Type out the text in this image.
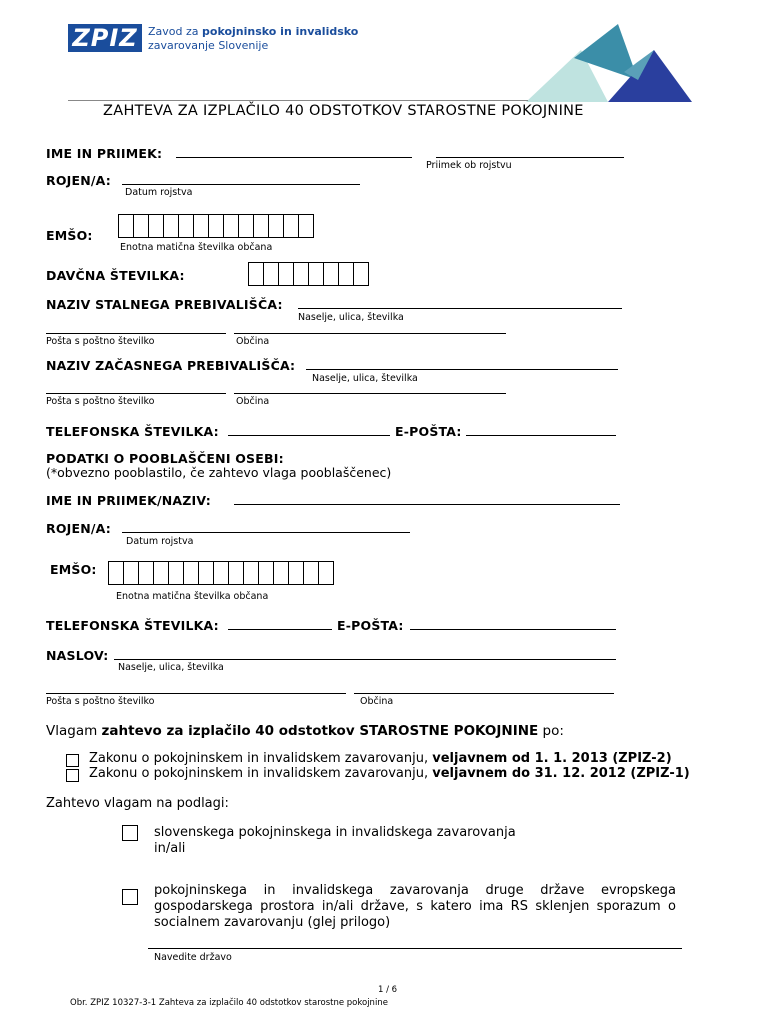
ZPIZ Zavod za pokojninsko in invalidsko
zavarovanje Slovenije
ZAHTEVA ZA IZPLAČILO 40 ODSTOTKOV STAROSTNE POKOJNINE
IME IN PRIIMEK:
Priimek ob rojstvu
ROJEN/A:
Datum rojstva
EMŠO:
Enotna matična številka občana
DAVČNA ŠTEVILKA:
NAZIV STALNEGA PREBIVALIŠČA:
Naselje, ulica, številka
Pošta s poštno številko	Občina
NAZIV ZAČASNEGA PREBIVALIŠČA:
Naselje, ulica, številka
Pošta s poštno številko	Občina
TELEFONSKA ŠTEVILKA:	E-POŠTA:
PODATKI O POOBLAŠČENI OSEBI:
(*obvezno pooblastilo, če zahtevo vlaga pooblaščenec)
IME IN PRIIMEK/NAZIV:
ROJEN/A:
Datum rojstva
EMŠO:
Enotna matična številka občana
TELEFONSKA ŠTEVILKA:	E-POŠTA:
NASLOV:
Naselje, ulica, številka
Pošta s poštno številko	Občina
Vlagam zahtevo za izplačilo 40 odstotkov STAROSTNE POKOJNINE po:
Zakonu o pokojninskem in invalidskem zavarovanju, veljavnem od 1. 1. 2013 (ZPIZ-2)
Zakonu o pokojninskem in invalidskem zavarovanju, veljavnem do 31. 12. 2012 (ZPIZ-1)
Zahtevo vlagam na podlagi:
slovenskega pokojninskega in invalidskega zavarovanja
in/ali
pokojninskega in invalidskega zavarovanja druge države evropskega
gospodarskega prostora in/ali države, s katero ima RS sklenjen sporazum o
socialnem zavarovanju (glej prilogo)
Navedite državo
1 / 6
Obr. ZPIZ 10327-3-1 Zahteva za izplačilo 40 odstotkov starostne pokojnine
